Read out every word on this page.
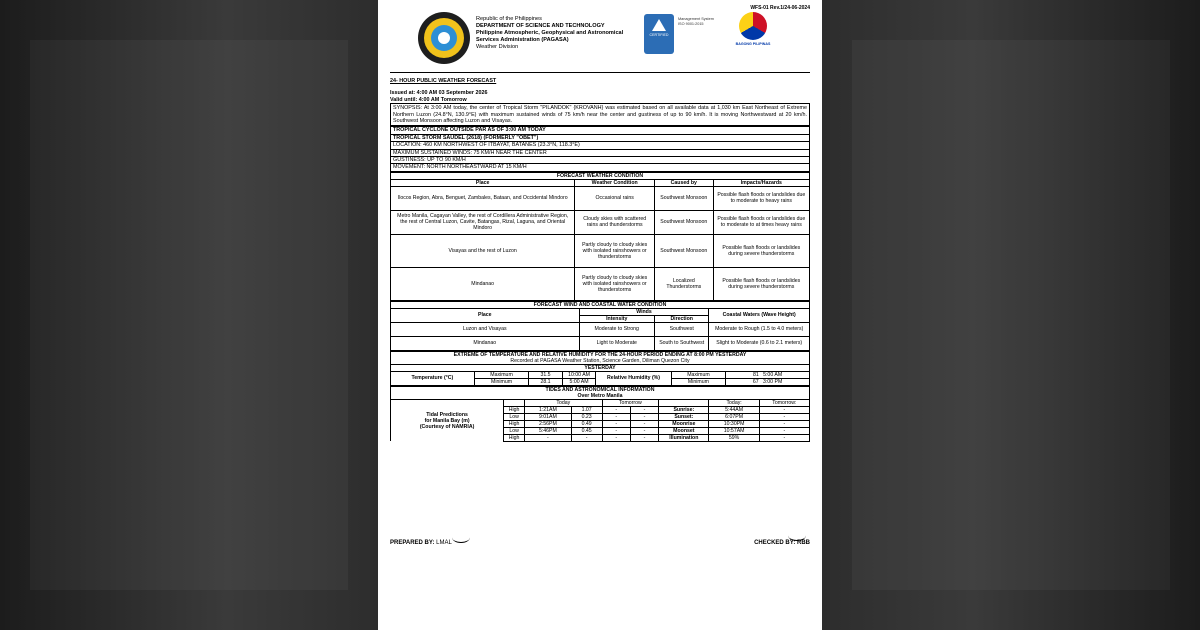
Republic of the Philippines
DEPARTMENT OF SCIENCE AND TECHNOLOGY
Philippine Atmospheric, Geophysical and Astronomical
Services Administration (PAGASA)
Weather Division
WFS-01 Rev.1/24-06-2024
CERTIFIED
Management System ISO 9001:2015
BAGONG PILIPINAS
24- HOUR PUBLIC WEATHER FORECAST
Issued at: 4:00 AM 03 September 2026
Valid until: 4:00 AM Tomorrow
SYNOPSIS: At 3:00 AM today, the center of Tropical Storm "PILANDOK" {KROVANH} was estimated based on all available data at 1,030 km East Northeast of Extreme Northern Luzon (24.8°N, 130.9°E) with maximum sustained winds of 75 km/h near the center and gustiness of up to 90 km/h. It is moving Northwestward at 20 km/h. Southwest Monsoon affecting Luzon and Visayas.
TROPICAL CYCLONE OUTSIDE PAR AS OF 3:00 AM TODAY
TROPICAL STORM SAUDEL (2618) (FORMERLY "OBET")
LOCATION: 460 KM NORTHWEST OF ITBAYAT, BATANES (23.3°N, 118.3°E)
MAXIMUM SUSTAINED WINDS: 75 KM/H NEAR THE CENTER
GUSTINESS: UP TO 90 KM/H
MOVEMENT: NORTH NORTHEASTWARD AT 15 KM/H
FORECAST WEATHER CONDITION			
Place	Weather Condition	Caused by	Impacts/Hazards
Ilocos Region, Abra, Benguet, Zambales, Bataan, and Occidental Mindoro	Occasional rains	Southwest Monsoon	Possible flash floods or landslides due to moderate to heavy rains
Metro Manila, Cagayan Valley, the rest of Cordillera Administrative Region, the rest of Central Luzon, Cavite, Batangas, Rizal, Laguna, and Oriental Mindoro	Cloudy skies with scattered rains and thunderstorms	Southwest Monsoon	Possible flash floods or landslides due to moderate to at times heavy rains
Visayas and the rest of Luzon	Partly cloudy to cloudy skies with isolated rainshowers or thunderstorms	Southwest Monsoon	Possible flash floods or landslides during severe thunderstorms
Mindanao	Partly cloudy to cloudy skies with isolated rainshowers or thunderstorms	Localized Thunderstorms	Possible flash floods or landslides during severe thunderstorms
FORECAST WIND AND COASTAL WATER CONDITION			
Place	Winds		Coastal Waters (Wave Height)
	Intensity	Direction	
Luzon and Visayas	Moderate to Strong	Southwest	Moderate to Rough (1.5 to 4.0 meters)
Mindanao	Light to Moderate	South to Southwest	Slight to Moderate (0.6 to 2.1 meters)
EXTREME OF TEMPERATURE AND RELATIVE HUMIDITY FOR THE 24-HOUR PERIOD ENDING AT 8:00 PM YESTERDAY
Recorded at PAGASA Weather Station, Science Garden, Diliman Quezon City						

YESTERDAY						
Temperature (°C)	Maximum	31.5	10:00 AM	Relative Humidity (%)	Maximum	81 5:00 AM
	Minimum	28.1	5:00 AM		Minimum	67 3:00 PM
TIDES AND ASTRONOMICAL INFORMATION
Over Metro Manila								

Tidal Predictions
for Manila Bay (m)
(Courtesy of NAMRIA)		Today		Tomorrow			Today:	Tomorrow:
	High	1:21AM	1.07	-	-	Sunrise:	5:44AM	-
	Low	9:01AM	0.23	-	-	Sunset:	6:07PM	-
	High	2:56PM	0.49	-	-	Moonrise	10:30PM	-
	Low	5:46PM	0.45	-	-	Moonset	10:57AM	-
	High	-	-	-	-	Illumination	59%	-
PREPARED BY: LMAL	CHECKED BY: RBB
